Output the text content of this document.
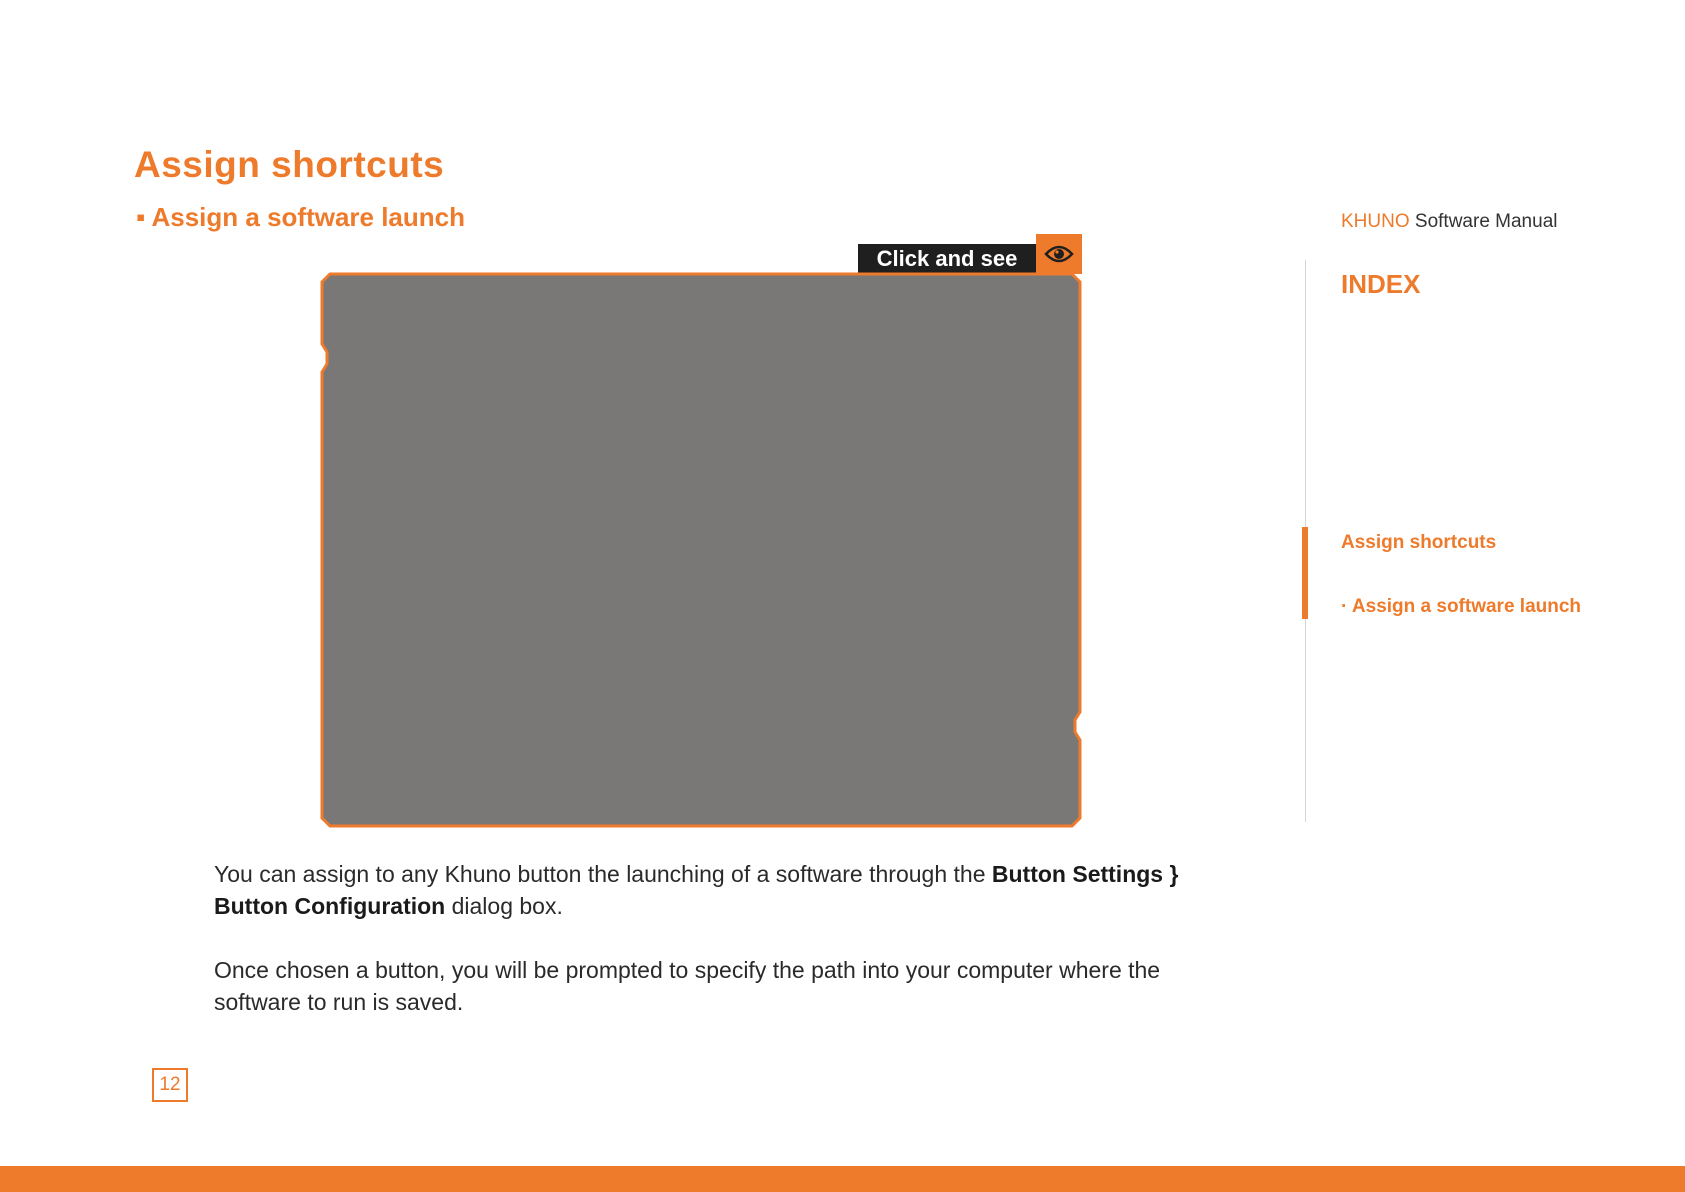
Assign shortcuts
▪ Assign a software launch
Click and see

You can assign to any Khuno button the launching of a software through the Button Settings } Button Configuration dialog box.

Once chosen a button, you will be prompted to specify the path into your computer where the software to run is saved.

12
KHUNO Software Manual
INDEX
Assign shortcuts
· Assign a software launch
